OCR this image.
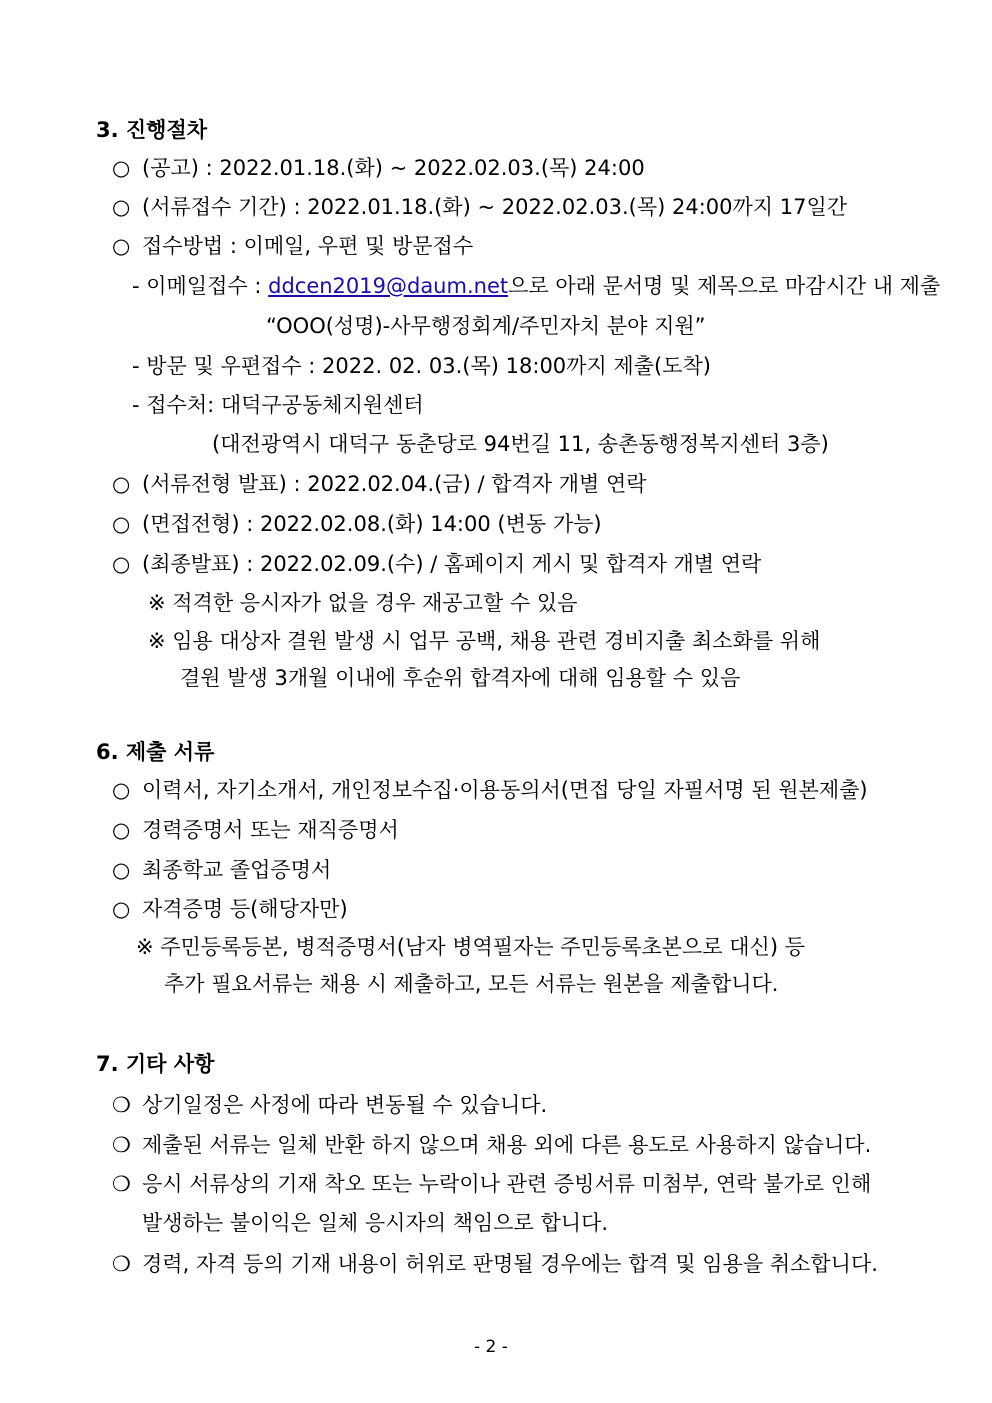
3. 진행절차
○ (공고) : 2022.01.18.(화) ~ 2022.02.03.(목) 24:00
○ (서류접수 기간) : 2022.01.18.(화) ~ 2022.02.03.(목) 24:00까지 17일간
○ 접수방법 : 이메일, 우편 및 방문접수
- 이메일접수 : ddcen2019@daum.net으로 아래 문서명 및 제목으로 마감시간 내 제출
“OOO(성명)-사무행정회계/주민자치 분야 지원”
- 방문 및 우편접수 : 2022. 02. 03.(목) 18:00까지 제출(도착)
- 접수처: 대덕구공동체지원센터
(대전광역시 대덕구 동춘당로 94번길 11, 송촌동행정복지센터 3층)
○ (서류전형 발표) : 2022.02.04.(금) / 합격자 개별 연락
○ (면접전형) : 2022.02.08.(화) 14:00 (변동 가능)
○ (최종발표) : 2022.02.09.(수) / 홈페이지 게시 및 합격자 개별 연락
※ 적격한 응시자가 없을 경우 재공고할 수 있음
※ 임용 대상자 결원 발생 시 업무 공백, 채용 관련 경비지출 최소화를 위해
결원 발생 3개월 이내에 후순위 합격자에 대해 임용할 수 있음
6. 제출 서류
○ 이력서, 자기소개서, 개인정보수집·이용동의서(면접 당일 자필서명 된 원본제출)
○ 경력증명서 또는 재직증명서
○ 최종학교 졸업증명서
○ 자격증명 등(해당자만)
※ 주민등록등본, 병적증명서(남자 병역필자는 주민등록초본으로 대신) 등
추가 필요서류는 채용 시 제출하고, 모든 서류는 원본을 제출합니다.
7. 기타 사항
❍ 상기일정은 사정에 따라 변동될 수 있습니다.
❍ 제출된 서류는 일체 반환 하지 않으며 채용 외에 다른 용도로 사용하지 않습니다.
❍ 응시 서류상의 기재 착오 또는 누락이나 관련 증빙서류 미첨부, 연락 불가로 인해
발생하는 불이익은 일체 응시자의 책임으로 합니다.
❍ 경력, 자격 등의 기재 내용이 허위로 판명될 경우에는 합격 및 임용을 취소합니다.
- 2 -
